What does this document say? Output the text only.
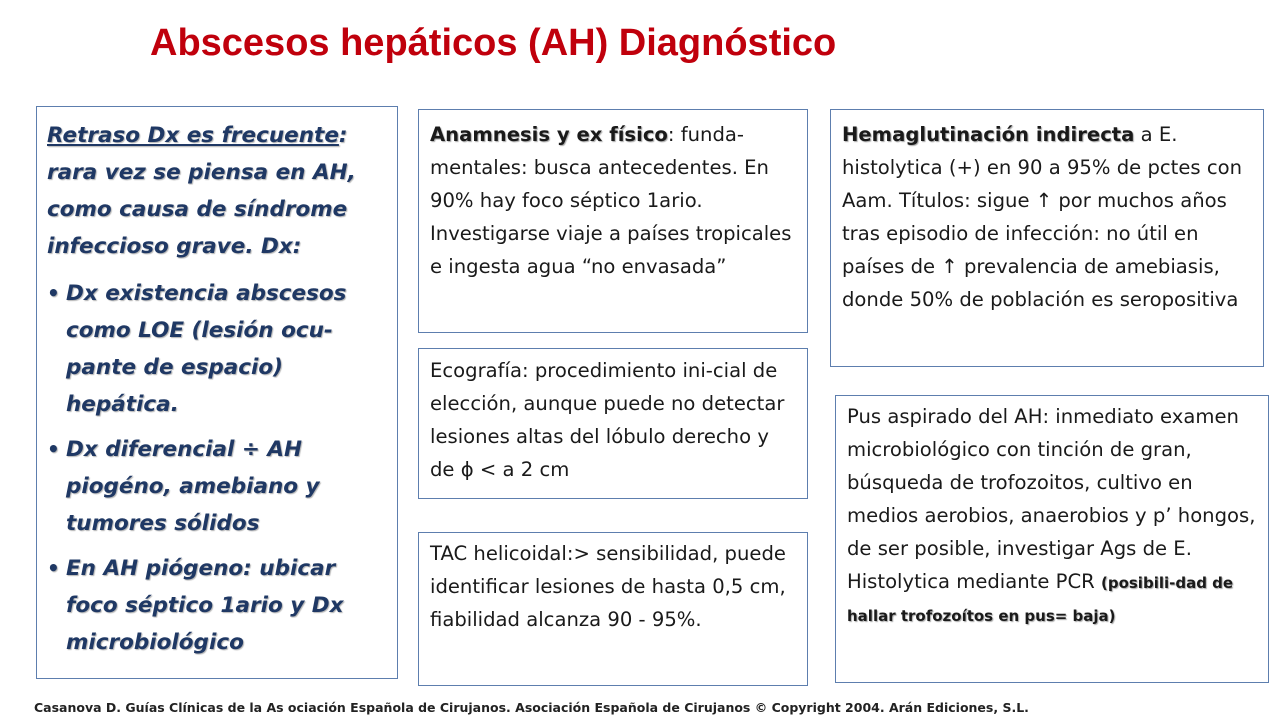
Abscesos hepáticos (AH) Diagnóstico
Retraso Dx es frecuente: rara vez se piensa en AH, como causa de síndrome infeccioso grave. Dx:
• Dx existencia abscesos como LOE (lesión ocu-pante de espacio) hepática.
• Dx diferencial ÷ AH piogéno, amebiano y tumores sólidos
• En AH piógeno: ubicar foco séptico 1ario y Dx microbiológico
Anamnesis y ex físico: funda-mentales: busca antecedentes. En 90% hay foco séptico 1ario. Investigarse viaje a países tropicales e ingesta agua “no envasada”
Ecografía: procedimiento ini-cial de elección, aunque puede no detectar lesiones altas del lóbulo derecho y de ϕ < a 2 cm
TAC helicoidal:> sensibilidad, puede identificar lesiones de hasta 0,5 cm, fiabilidad alcanza 90 - 95%.
Hemaglutinación indirecta a E. histolytica (+) en 90 a 95% de pctes con Aam. Títulos: sigue ↑ por muchos años tras episodio de infección: no útil en países de ↑ prevalencia de amebiasis, donde 50% de población es seropositiva
Pus aspirado del AH: inmediato examen microbiológico con tinción de gran, búsqueda de trofozoitos, cultivo en medios aerobios, anaerobios y p’ hongos, de ser posible, investigar Ags de E. Histolytica mediante PCR (posibili-dad de hallar trofozoítos en pus= baja)
Casanova D. Guías Clínicas de la As ociación Española de Cirujanos. Asociación Española de Cirujanos © Copyright 2004. Arán Ediciones, S.L.
